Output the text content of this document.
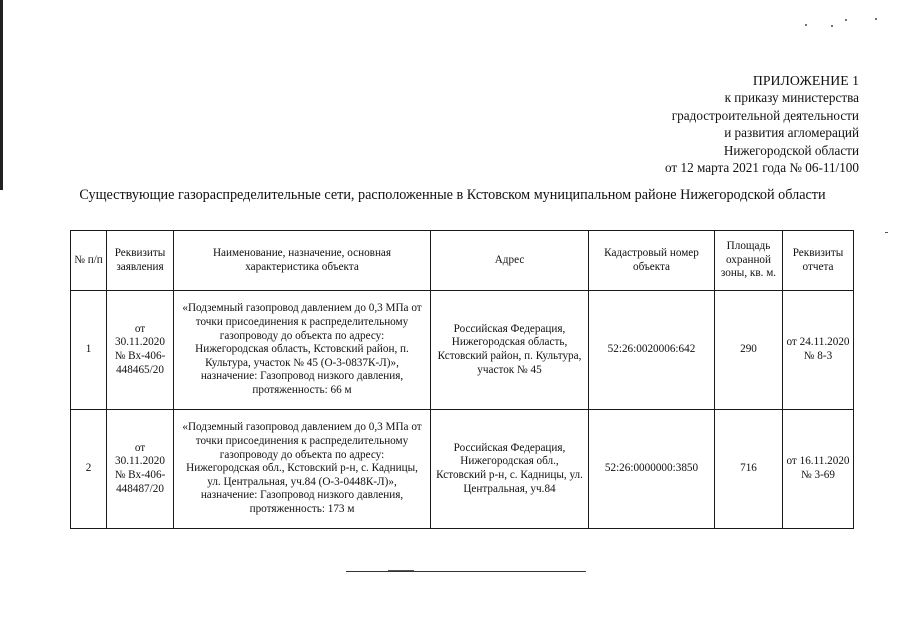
ПРИЛОЖЕНИЕ 1
к приказу министерства
градостроительной деятельности
и развития агломераций
Нижегородской области
от 12 марта 2021 года № 06-11/100
Существующие газораспределительные сети, расположенные в Кстовском муниципальном районе Нижегородской области
№ п/п	Реквизиты заявления	Наименование, назначение, основная характеристика объекта	Адрес	Кадастровый номер объекта	Площадь охранной зоны, кв. м.	Реквизиты отчета
1	от 30.11.2020 № Вх-406-448465/20	«Подземный газопровод давлением до 0,3 МПа от точки присоединения к распределительному газопроводу до объекта по адресу: Нижегородская область, Кстовский район, п. Культура, участок № 45 (О-3-0837К-Л)», назначение: Газопровод низкого давления, протяженность: 66 м	Российская Федерация, Нижегородская область, Кстовский район, п. Культура, участок № 45	52:26:0020006:642	290	от 24.11.2020 № 8-3
2	от 30.11.2020 № Вх-406-448487/20	«Подземный газопровод давлением до 0,3 МПа от точки присоединения к распределительному газопроводу до объекта по адресу: Нижегородская обл., Кстовский р-н, с. Кадницы, ул. Центральная, уч.84 (О-3-0448К-Л)», назначение: Газопровод низкого давления, протяженность: 173 м	Российская Федерация, Нижегородская обл., Кстовский р-н, с. Кадницы, ул. Центральная, уч.84	52:26:0000000:3850	716	от 16.11.2020 № 3-69
